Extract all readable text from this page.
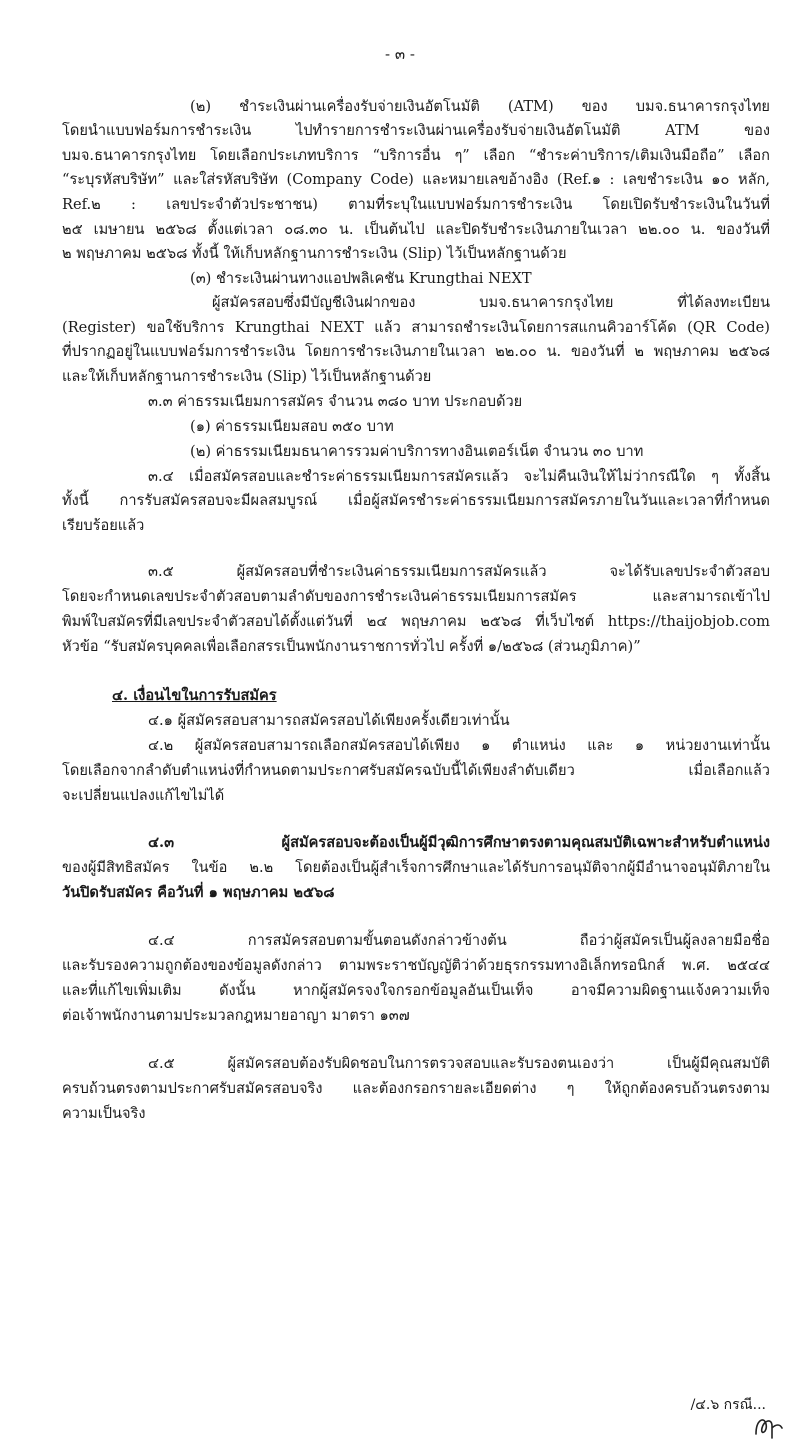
- ๓ -
(๒) ชำระเงินผ่านเครื่องรับจ่ายเงินอัตโนมัติ (ATM) ของ บมจ.ธนาคารกรุงไทย
โดยนำแบบฟอร์มการชำระเงิน ไปทำรายการชำระเงินผ่านเครื่องรับจ่ายเงินอัตโนมัติ ATM ของ
บมจ.ธนาคารกรุงไทย โดยเลือกประเภทบริการ “บริการอื่น ๆ” เลือก “ชำระค่าบริการ/เติมเงินมือถือ” เลือก
“ระบุรหัสบริษัท” และใส่รหัสบริษัท (Company Code) และหมายเลขอ้างอิง (Ref.๑ : เลขชำระเงิน ๑๐ หลัก,
Ref.๒ : เลขประจำตัวประชาชน) ตามที่ระบุในแบบฟอร์มการชำระเงิน โดยเปิดรับชำระเงินในวันที่
๒๕ เมษายน ๒๕๖๘ ตั้งแต่เวลา ๐๘.๓๐ น. เป็นต้นไป และปิดรับชำระเงินภายในเวลา ๒๒.๐๐ น. ของวันที่
๒ พฤษภาคม ๒๕๖๘ ทั้งนี้ ให้เก็บหลักฐานการชำระเงิน (Slip) ไว้เป็นหลักฐานด้วย
(๓) ชำระเงินผ่านทางแอปพลิเคชัน Krungthai NEXT
ผู้สมัครสอบซึ่งมีบัญชีเงินฝากของ บมจ.ธนาคารกรุงไทย ที่ได้ลงทะเบียน
(Register) ขอใช้บริการ Krungthai NEXT แล้ว สามารถชำระเงินโดยการสแกนคิวอาร์โค้ด (QR Code)
ที่ปรากฏอยู่ในแบบฟอร์มการชำระเงิน โดยการชำระเงินภายในเวลา ๒๒.๐๐ น. ของวันที่ ๒ พฤษภาคม ๒๕๖๘
และให้เก็บหลักฐานการชำระเงิน (Slip) ไว้เป็นหลักฐานด้วย
๓.๓ ค่าธรรมเนียมการสมัคร จำนวน ๓๘๐ บาท ประกอบด้วย
(๑) ค่าธรรมเนียมสอบ ๓๕๐ บาท
(๒) ค่าธรรมเนียมธนาคารรวมค่าบริการทางอินเตอร์เน็ต จำนวน ๓๐ บาท
๓.๔ เมื่อสมัครสอบและชำระค่าธรรมเนียมการสมัครแล้ว จะไม่คืนเงินให้ไม่ว่ากรณีใด ๆ ทั้งสิ้น
ทั้งนี้ การรับสมัครสอบจะมีผลสมบูรณ์ เมื่อผู้สมัครชำระค่าธรรมเนียมการสมัครภายในวันและเวลาที่กำหนด
เรียบร้อยแล้ว
๓.๕ ผู้สมัครสอบที่ชำระเงินค่าธรรมเนียมการสมัครแล้ว จะได้รับเลขประจำตัวสอบ
โดยจะกำหนดเลขประจำตัวสอบตามลำดับของการชำระเงินค่าธรรมเนียมการสมัคร และสามารถเข้าไป
พิมพ์ใบสมัครที่มีเลขประจำตัวสอบได้ตั้งแต่วันที่ ๒๔ พฤษภาคม ๒๕๖๘ ที่เว็บไซต์ https://thaijobjob.com
หัวข้อ “รับสมัครบุคคลเพื่อเลือกสรรเป็นพนักงานราชการทั่วไป ครั้งที่ ๑/๒๕๖๘ (ส่วนภูมิภาค)”
๔. เงื่อนไขในการรับสมัคร
๔.๑ ผู้สมัครสอบสามารถสมัครสอบได้เพียงครั้งเดียวเท่านั้น
๔.๒ ผู้สมัครสอบสามารถเลือกสมัครสอบได้เพียง ๑ ตำแหน่ง และ ๑ หน่วยงานเท่านั้น
โดยเลือกจากลำดับตำแหน่งที่กำหนดตามประกาศรับสมัครฉบับนี้ได้เพียงลำดับเดียว เมื่อเลือกแล้ว
จะเปลี่ยนแปลงแก้ไขไม่ได้
๔.๓ ผู้สมัครสอบจะต้องเป็นผู้มีวุฒิการศึกษาตรงตามคุณสมบัติเฉพาะสำหรับตำแหน่ง
ของผู้มีสิทธิสมัคร ในข้อ ๒.๒ โดยต้องเป็นผู้สำเร็จการศึกษาและได้รับการอนุมัติจากผู้มีอำนาจอนุมัติภายใน
วันปิดรับสมัคร คือวันที่ ๑ พฤษภาคม ๒๕๖๘
๔.๔ การสมัครสอบตามขั้นตอนดังกล่าวข้างต้น ถือว่าผู้สมัครเป็นผู้ลงลายมือชื่อ
และรับรองความถูกต้องของข้อมูลดังกล่าว ตามพระราชบัญญัติว่าด้วยธุรกรรมทางอิเล็กทรอนิกส์ พ.ศ. ๒๕๔๔
และที่แก้ไขเพิ่มเติม ดังนั้น หากผู้สมัครจงใจกรอกข้อมูลอันเป็นเท็จ อาจมีความผิดฐานแจ้งความเท็จ
ต่อเจ้าพนักงานตามประมวลกฎหมายอาญา มาตรา ๑๓๗
๔.๕ ผู้สมัครสอบต้องรับผิดชอบในการตรวจสอบและรับรองตนเองว่า เป็นผู้มีคุณสมบัติ
ครบถ้วนตรงตามประกาศรับสมัครสอบจริง และต้องกรอกรายละเอียดต่าง ๆ ให้ถูกต้องครบถ้วนตรงตาม
ความเป็นจริง
/๔.๖ กรณี...
